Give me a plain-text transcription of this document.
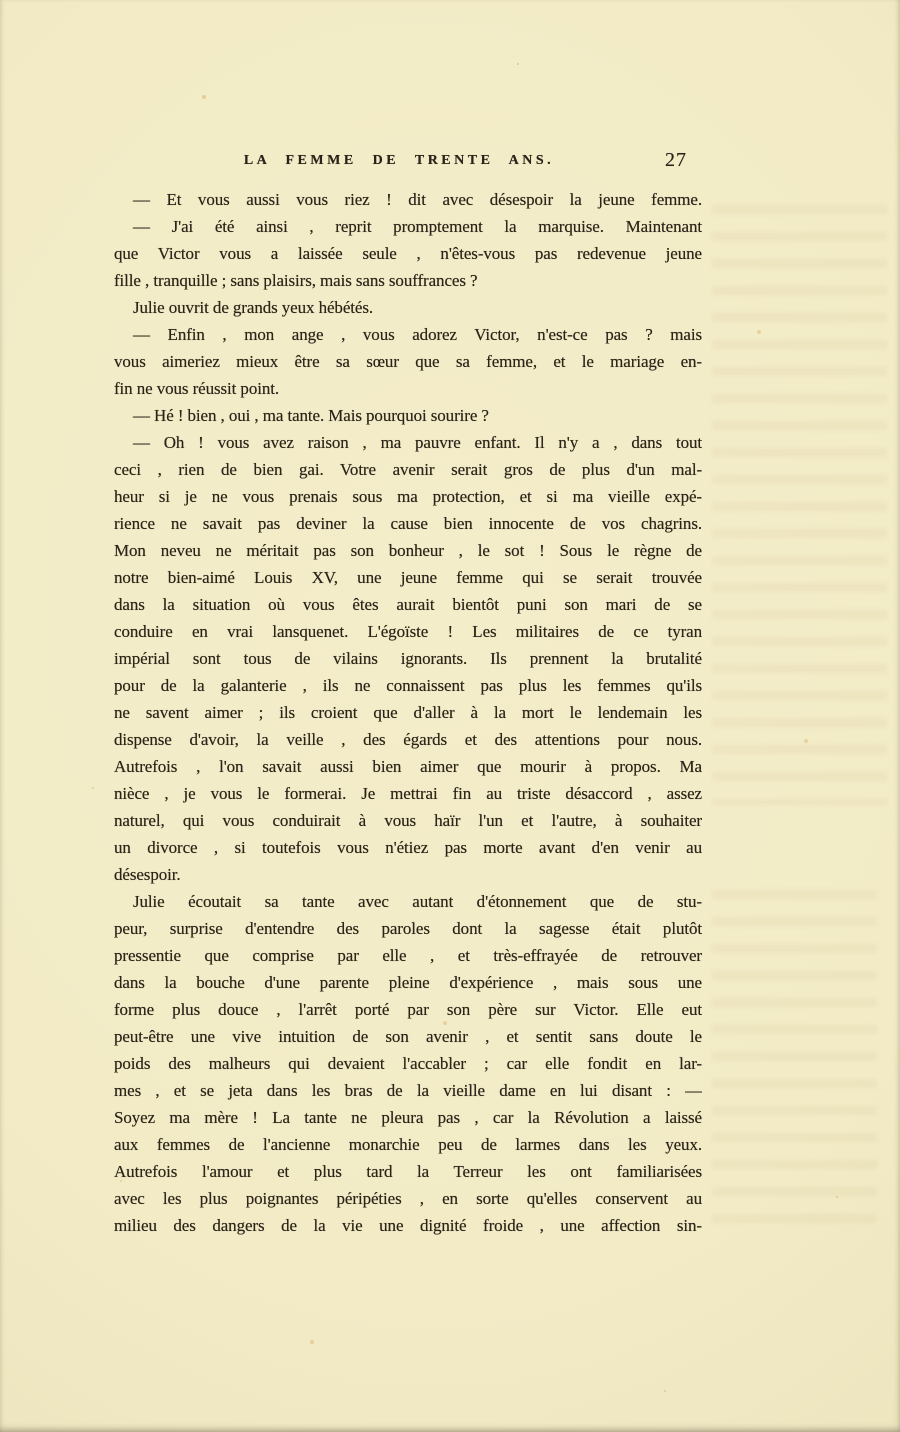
LA FEMME DE TRENTE ANS.	27

— Et vous aussi vous riez ! dit avec désespoir la jeune femme.

— J'ai été ainsi , reprit promptement la marquise. Maintenant
que Victor vous a laissée seule , n'êtes-vous pas redevenue jeune
fille , tranquille ; sans plaisirs, mais sans souffrances ?

Julie ouvrit de grands yeux hébétés.

— Enfin , mon ange , vous adorez Victor, n'est-ce pas ? mais
vous aimeriez mieux être sa sœur que sa femme, et le mariage en-
fin ne vous réussit point.

— Hé ! bien , oui , ma tante. Mais pourquoi sourire ?

— Oh ! vous avez raison , ma pauvre enfant. Il n'y a , dans tout
ceci , rien de bien gai. Votre avenir serait gros de plus d'un mal-
heur si je ne vous prenais sous ma protection, et si ma vieille expé-
rience ne savait pas deviner la cause bien innocente de vos chagrins.
Mon neveu ne méritait pas son bonheur , le sot ! Sous le règne de
notre bien-aimé Louis XV, une jeune femme qui se serait trouvée
dans la situation où vous êtes aurait bientôt puni son mari de se
conduire en vrai lansquenet. L'égoïste ! Les militaires de ce tyran
impérial sont tous de vilains ignorants. Ils prennent la brutalité
pour de la galanterie , ils ne connaissent pas plus les femmes qu'ils
ne savent aimer ; ils croient que d'aller à la mort le lendemain les
dispense d'avoir, la veille , des égards et des attentions pour nous.
Autrefois , l'on savait aussi bien aimer que mourir à propos. Ma
nièce , je vous le formerai. Je mettrai fin au triste désaccord , assez
naturel, qui vous conduirait à vous haïr l'un et l'autre, à souhaiter
un divorce , si toutefois vous n'étiez pas morte avant d'en venir au
désespoir.

Julie écoutait sa tante avec autant d'étonnement que de stu-
peur, surprise d'entendre des paroles dont la sagesse était plutôt
pressentie que comprise par elle , et très-effrayée de retrouver
dans la bouche d'une parente pleine d'expérience , mais sous une
forme plus douce , l'arrêt porté par son père sur Victor. Elle eut
peut-être une vive intuition de son avenir , et sentit sans doute le
poids des malheurs qui devaient l'accabler ; car elle fondit en lar-
mes , et se jeta dans les bras de la vieille dame en lui disant : —
Soyez ma mère ! La tante ne pleura pas , car la Révolution a laissé
aux femmes de l'ancienne monarchie peu de larmes dans les yeux.
Autrefois l'amour et plus tard la Terreur les ont familiarisées
avec les plus poignantes péripéties , en sorte qu'elles conservent au
milieu des dangers de la vie une dignité froide , une affection sin-
